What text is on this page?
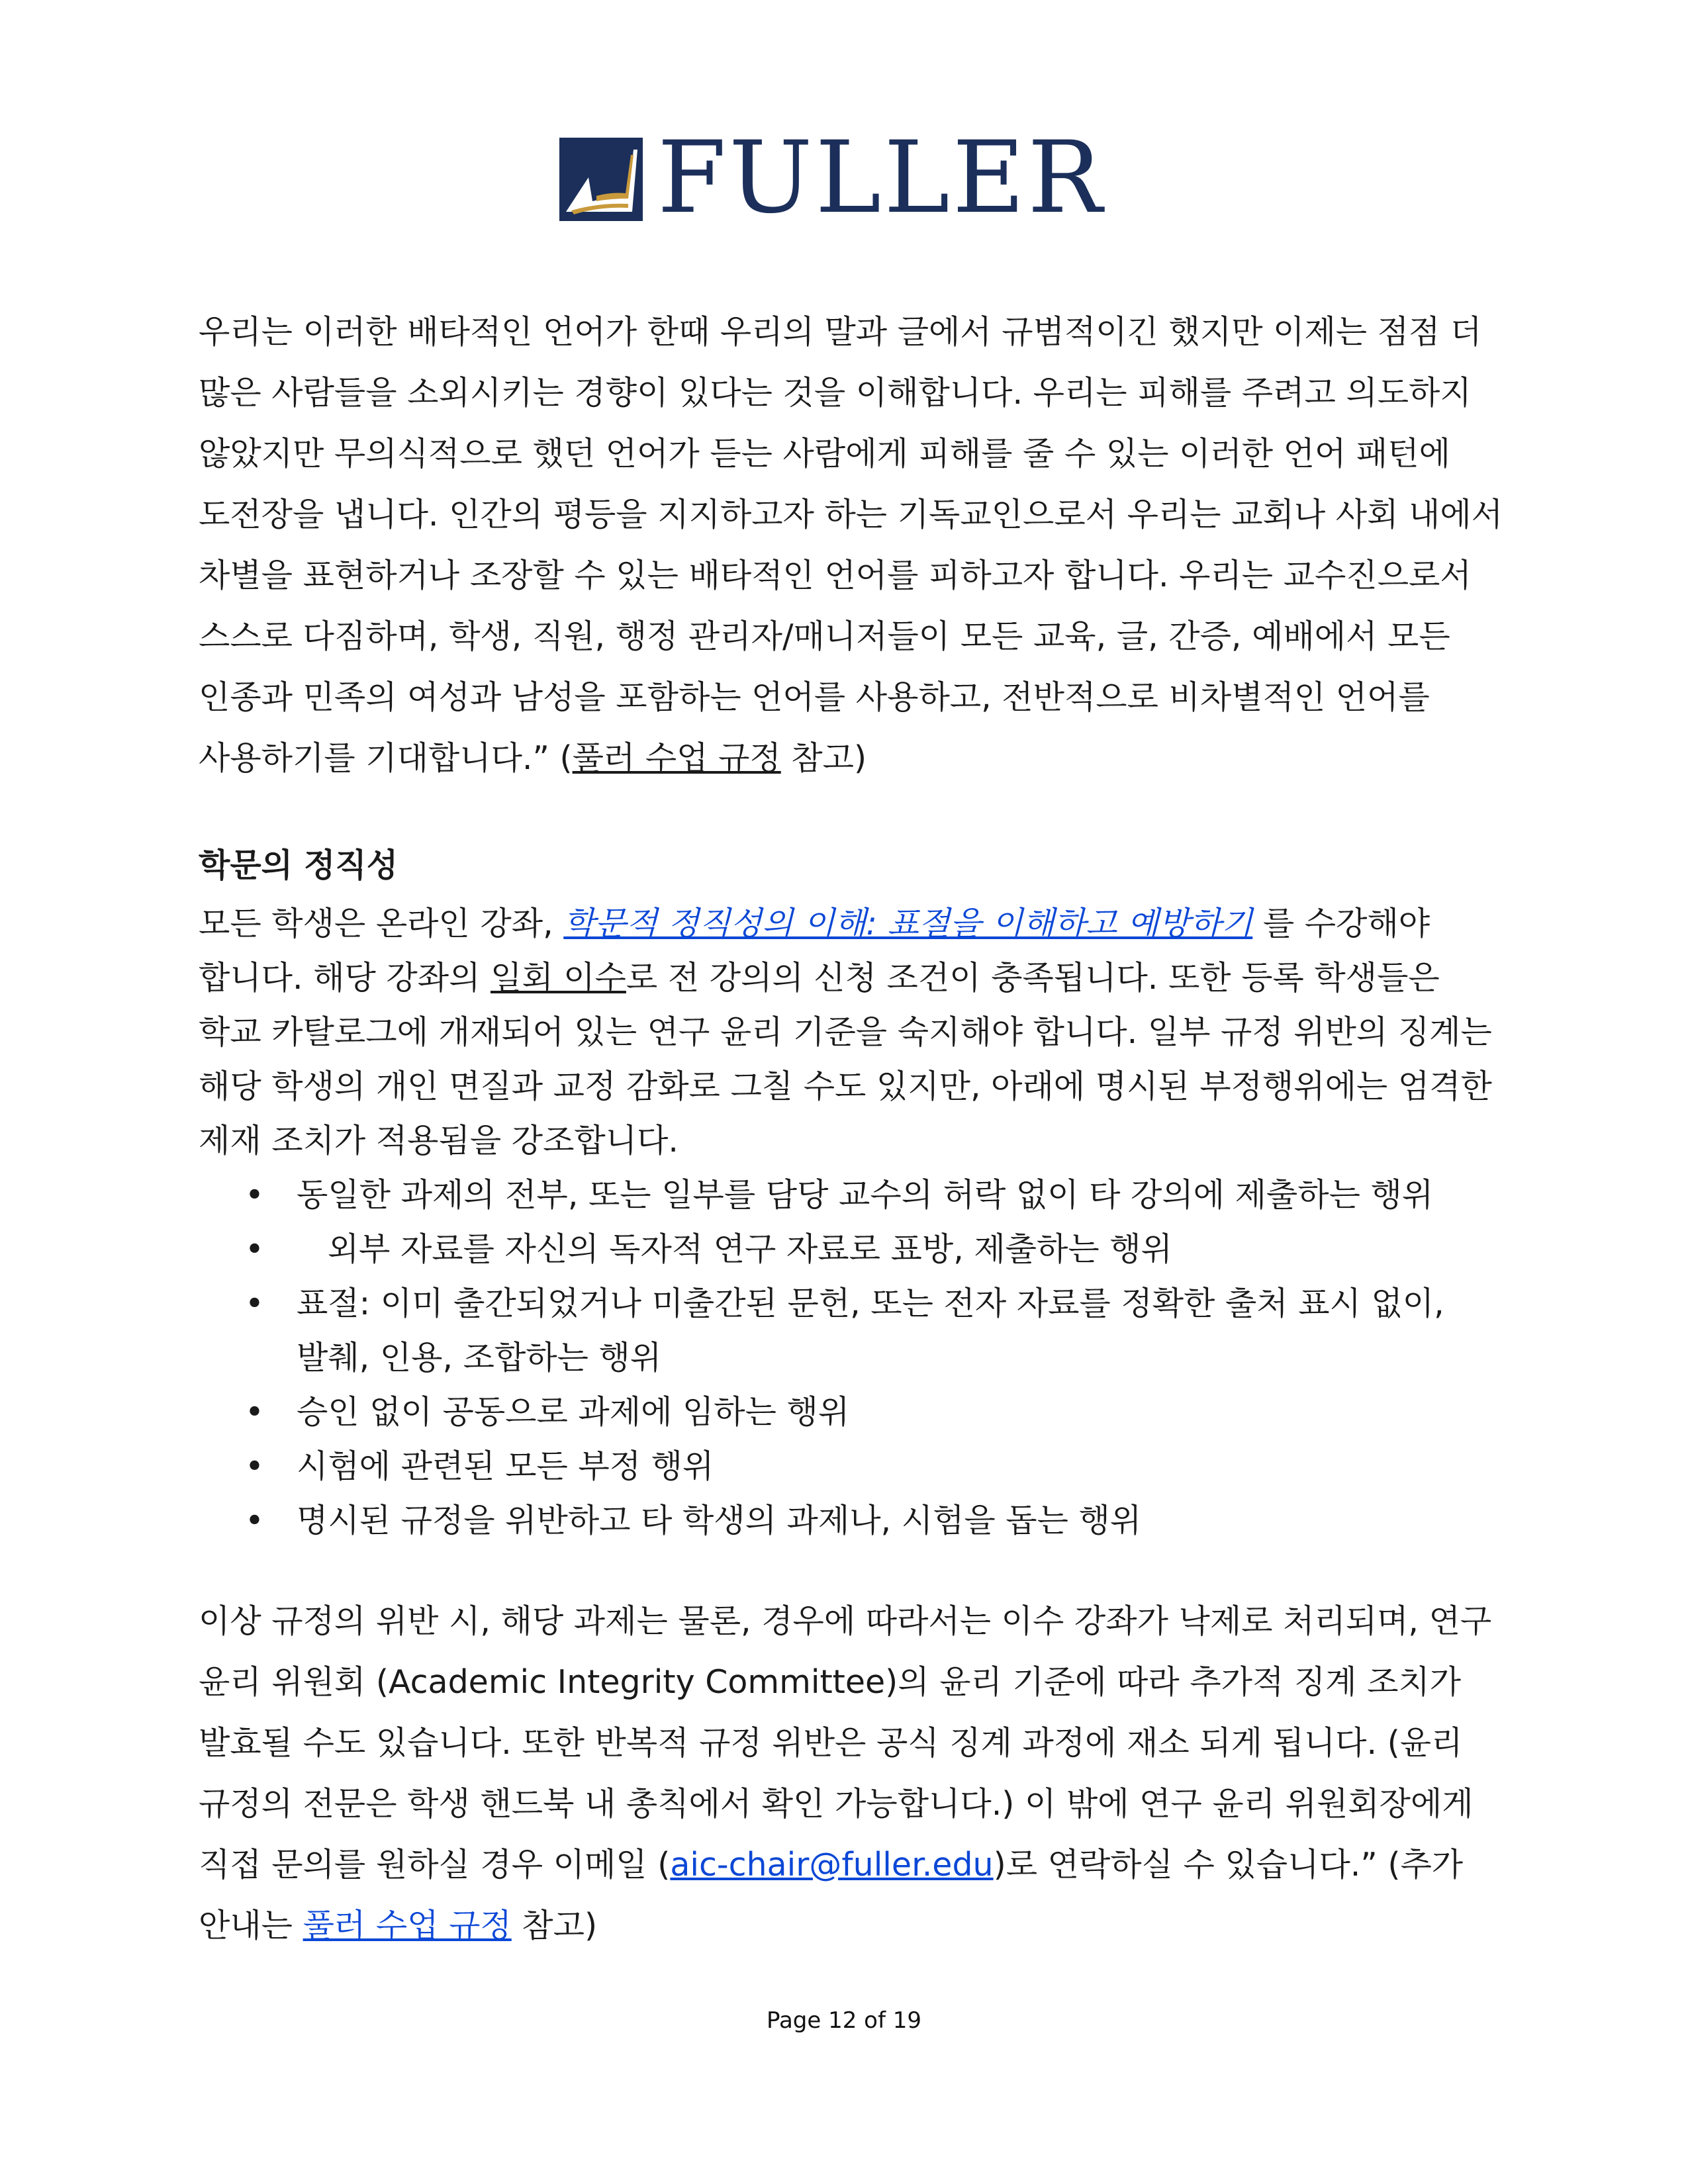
FULLER
우리는 이러한 배타적인 언어가 한때 우리의 말과 글에서 규범적이긴 했지만 이제는 점점 더
많은 사람들을 소외시키는 경향이 있다는 것을 이해합니다. 우리는 피해를 주려고 의도하지
않았지만 무의식적으로 했던 언어가 듣는 사람에게 피해를 줄 수 있는 이러한 언어 패턴에
도전장을 냅니다. 인간의 평등을 지지하고자 하는 기독교인으로서 우리는 교회나 사회 내에서
차별을 표현하거나 조장할 수 있는 배타적인 언어를 피하고자 합니다. 우리는 교수진으로서
스스로 다짐하며, 학생, 직원, 행정 관리자/매니저들이 모든 교육, 글, 간증, 예배에서 모든
인종과 민족의 여성과 남성을 포함하는 언어를 사용하고, 전반적으로 비차별적인 언어를
사용하기를 기대합니다.” (풀러 수업 규정 참고)
학문의 정직성
모든 학생은 온라인 강좌, 학문적 정직성의 이해: 표절을 이해하고 예방하기 를 수강해야
합니다. 해당 강좌의 일회 이수로 전 강의의 신청 조건이 충족됩니다. 또한 등록 학생들은
학교 카탈로그에 개재되어 있는 연구 윤리 기준을 숙지해야 합니다. 일부 규정 위반의 징계는
해당 학생의 개인 면질과 교정 감화로 그칠 수도 있지만, 아래에 명시된 부정행위에는 엄격한
제재 조치가 적용됨을 강조합니다.
• 동일한 과제의 전부, 또는 일부를 담당 교수의 허락 없이 타 강의에 제출하는 행위
• 외부 자료를 자신의 독자적 연구 자료로 표방, 제출하는 행위
• 표절: 이미 출간되었거나 미출간된 문헌, 또는 전자 자료를 정확한 출처 표시 없이,
발췌, 인용, 조합하는 행위
• 승인 없이 공동으로 과제에 임하는 행위
• 시험에 관련된 모든 부정 행위
• 명시된 규정을 위반하고 타 학생의 과제나, 시험을 돕는 행위
이상 규정의 위반 시, 해당 과제는 물론, 경우에 따라서는 이수 강좌가 낙제로 처리되며, 연구
윤리 위원회 (Academic Integrity Committee)의 윤리 기준에 따라 추가적 징계 조치가
발효될 수도 있습니다. 또한 반복적 규정 위반은 공식 징계 과정에 재소 되게 됩니다. (윤리
규정의 전문은 학생 핸드북 내 총칙에서 확인 가능합니다.) 이 밖에 연구 윤리 위원회장에게
직접 문의를 원하실 경우 이메일 (aic-chair@fuller.edu)로 연락하실 수 있습니다.” (추가
안내는 풀러 수업 규정 참고)
Page 12 of 19
